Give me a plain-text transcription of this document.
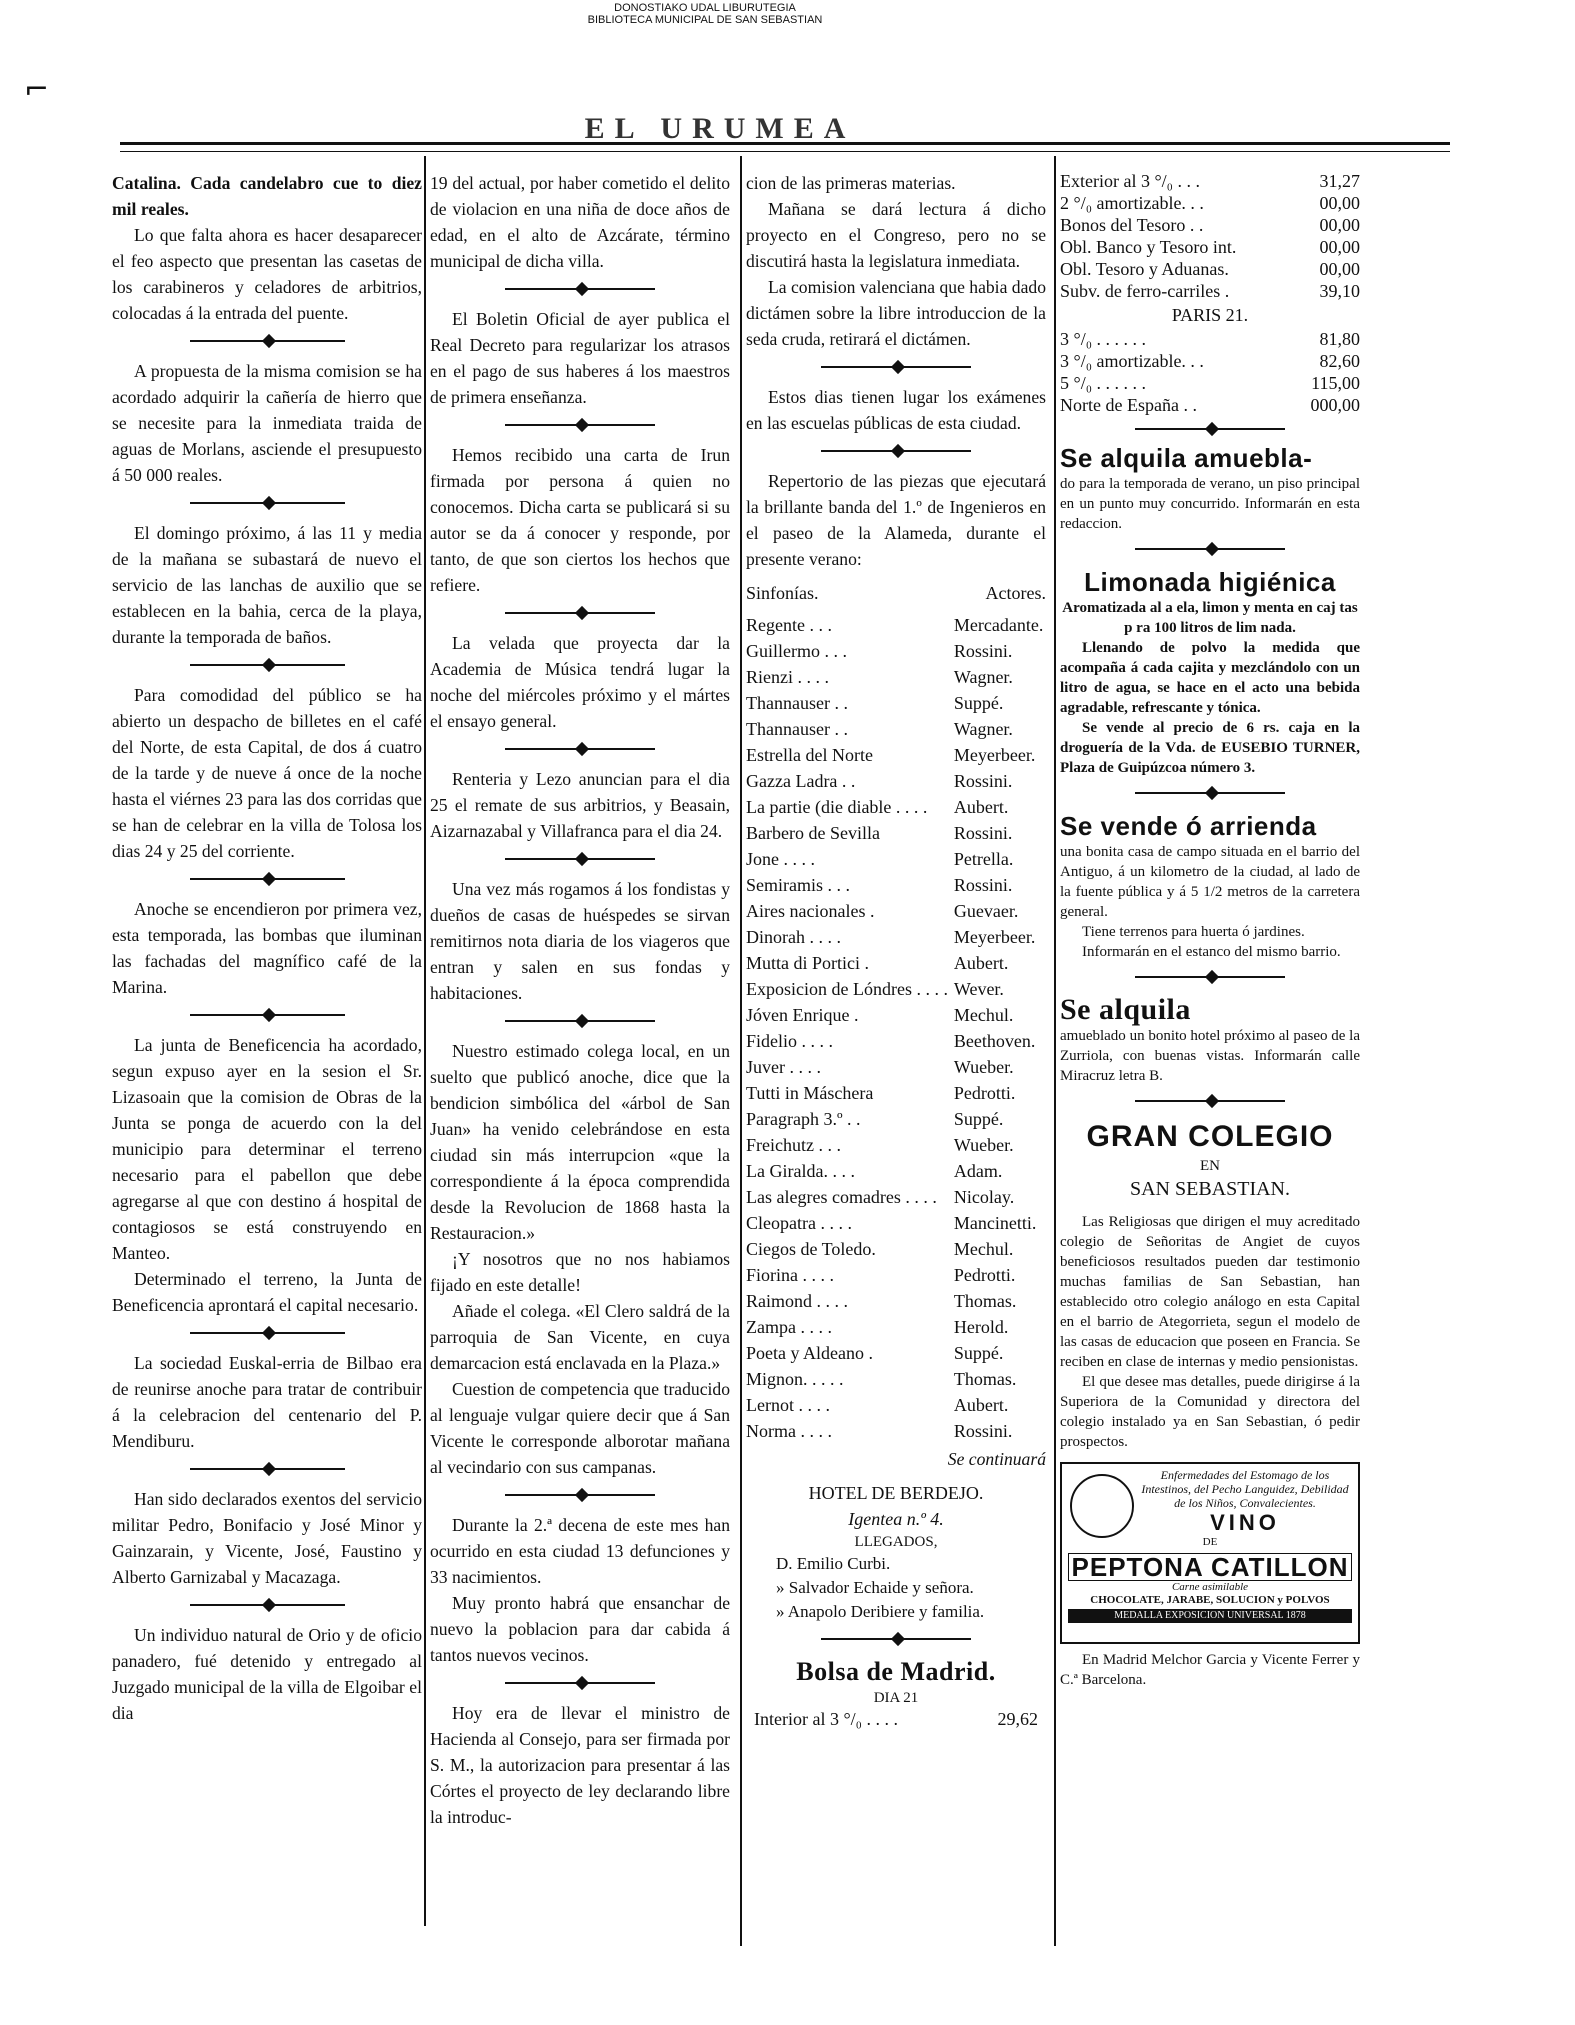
⌐
DONOSTIAKO UDAL LIBURUTEGIA
BIBLIOTECA MUNICIPAL DE SAN SEBASTIAN
EL URUMEA

Catalina. Cada candelabro cue to diez mil reales.

Lo que falta ahora es hacer desaparecer el feo aspecto que presentan las casetas de los carabineros y celadores de arbitrios, colocadas á la entrada del puente.

A propuesta de la misma comision se ha acordado adquirir la cañería de hierro que se necesite para la inmediata traida de aguas de Morlans, asciende el presupuesto á 50 000 reales.

El domingo próximo, á las 11 y media de la mañana se subastará de nuevo el servicio de las lanchas de auxilio que se establecen en la bahia, cerca de la playa, durante la temporada de baños.

Para comodidad del público se ha abierto un despacho de billetes en el café del Norte, de esta Capital, de dos á cuatro de la tarde y de nueve á once de la noche hasta el viérnes 23 para las dos corridas que se han de celebrar en la villa de Tolosa los dias 24 y 25 del corriente.

Anoche se encendieron por primera vez, esta temporada, las bombas que iluminan las fachadas del magnífico café de la Marina.

La junta de Beneficencia ha acordado, segun expuso ayer en la sesion el Sr. Lizasoain que la comision de Obras de la Junta se ponga de acuerdo con la del municipio para determinar el terreno necesario para el pabellon que debe agregarse al que con destino á hospital de contagiosos se está construyendo en Manteo.

Determinado el terreno, la Junta de Beneficencia aprontará el capital necesario.

La sociedad Euskal-erria de Bilbao era de reunirse anoche para tratar de contribuir á la celebracion del centenario del P. Mendiburu.

Han sido declarados exentos del servicio militar Pedro, Bonifacio y José Minor y Gainzarain, y Vicente, José, Faustino y Alberto Garnizabal y Macazaga.

Un individuo natural de Orio y de oficio panadero, fué detenido y entregado al Juzgado municipal de la villa de Elgoibar el dia

19 del actual, por haber cometido el delito de violacion en una niña de doce años de edad, en el alto de Azcárate, término municipal de dicha villa.

El Boletin Oficial de ayer publica el Real Decreto para regularizar los atrasos en el pago de sus haberes á los maestros de primera enseñanza.

Hemos recibido una carta de Irun firmada por persona á quien no conocemos. Dicha carta se publicará si su autor se da á conocer y responde, por tanto, de que son ciertos los hechos que refiere.

La velada que proyecta dar la Academia de Música tendrá lugar la noche del miércoles próximo y el mártes el ensayo general.

Renteria y Lezo anuncian para el dia 25 el remate de sus arbitrios, y Beasain, Aizarnazabal y Villafranca para el dia 24.

Una vez más rogamos á los fondistas y dueños de casas de huéspedes se sirvan remitirnos nota diaria de los viageros que entran y salen en sus fondas y habitaciones.

Nuestro estimado colega local, en un suelto que publicó anoche, dice que la bendicion simbólica del «árbol de San Juan» ha venido celebrándose en esta ciudad sin más interrupcion «que la correspondiente á la época comprendida desde la Revolucion de 1868 hasta la Restauracion.»

¡Y nosotros que no nos habiamos fijado en este detalle!

Añade el colega. «El Clero saldrá de la parroquia de San Vicente, en cuya demarcacion está enclavada en la Plaza.»

Cuestion de competencia que traducido al lenguaje vulgar quiere decir que á San Vicente le corresponde alborotar mañana al vecindario con sus campanas.

Durante la 2.ª decena de este mes han ocurrido en esta ciudad 13 defunciones y 33 nacimientos.

Muy pronto habrá que ensanchar de nuevo la poblacion para dar cabida á tantos nuevos vecinos.

Hoy era de llevar el ministro de Hacienda al Consejo, para ser firmada por S. M., la autorizacion para presentar á las Córtes el proyecto de ley declarando libre la introduc-

cion de las primeras materias.

Mañana se dará lectura á dicho proyecto en el Congreso, pero no se discutirá hasta la legislatura inmediata.

La comision valenciana que habia dado dictámen sobre la libre introduccion de la seda cruda, retirará el dictámen.

Estos dias tienen lugar los exámenes en las escuelas públicas de esta ciudad.

Repertorio de las piezas que ejecutará la brillante banda del 1.º de Ingenieros en el paseo de la Alameda, durante el presente verano:

Sinfonías.	Actores.
Regente . . .	Mercadante.
Guillermo . . .	Rossini.
Rienzi . . . .	Wagner.
Thannauser . .	Suppé.
Thannauser . .	Wagner.
Estrella del Norte	Meyerbeer.
Gazza Ladra . .	Rossini.
La partie (die diable . . . .	Aubert.
Barbero de Sevilla	Rossini.
Jone . . . .	Petrella.
Semiramis . . .	Rossini.
Aires nacionales .	Guevaer.
Dinorah . . . .	Meyerbeer.
Mutta di Portici .	Aubert.
Exposicion de Lóndres . . . .	Wever.
Jóven Enrique .	Mechul.
Fidelio . . . .	Beethoven.
Juver . . . .	Wueber.
Tutti in Máschera	Pedrotti.
Paragraph 3.º . .	Suppé.
Freichutz . . .	Wueber.
La Giralda. . . .	Adam.
Las alegres comadres . . . .	Nicolay.
Cleopatra . . . .	Mancinetti.
Ciegos de Toledo.	Mechul.
Fiorina . . . .	Pedrotti.
Raimond . . . .	Thomas.
Zampa . . . .	Herold.
Poeta y Aldeano .	Suppé.
Mignon. . . . .	Thomas.
Lernot . . . .	Aubert.
Norma . . . .	Rossini.
Se continuará
HOTEL DE BERDEJO.
Igentea n.º 4.
LLEGADOS,
D. Emilio Curbi.
» Salvador Echaide y señora.
» Anapolo Deribiere y familia.
Bolsa de Madrid.
DIA 21
Interior al 3 °/₀ . . . .	29,62
Exterior al 3 °/₀ . . .	31,27
2 °/₀ amortizable. . .	00,00
Bonos del Tesoro . .	00,00
Obl. Banco y Tesoro int.	00,00
Obl. Tesoro y Aduanas.	00,00
Subv. de ferro-carriles .	39,10
PARIS 21.
3 °/₀ . . . . . .	81,80
3 °/₀ amortizable. . .	82,60
5 °/₀ . . . . . .	115,00
Norte de España . .	000,00
Se alquila amuebla-

do para la temporada de verano, un piso principal en un punto muy concurrido. Informarán en esta redaccion.

Limonada higiénica

Aromatizada al a ela, limon y menta en caj tas p ra 100 litros de lim nada.

Llenando de polvo la medida que acompaña á cada cajita y mezclándolo con un litro de agua, se hace en el acto una bebida agradable, refrescante y tónica.

Se vende al precio de 6 rs. caja en la droguería de la Vda. de EUSEBIO TURNER, Plaza de Guipúzcoa número 3.

Se vende ó arrienda

una bonita casa de campo situada en el barrio del Antiguo, á un kilometro de la ciudad, al lado de la fuente pública y á 5 1/2 metros de la carretera general.

Tiene terrenos para huerta ó jardines.

Informarán en el estanco del mismo barrio.

Se alquila

amueblado un bonito hotel próximo al paseo de la Zurriola, con buenas vistas. Informarán calle Miracruz letra B.

GRAN COLEGIO
EN
SAN SEBASTIAN.

Las Religiosas que dirigen el muy acreditado colegio de Señoritas de Angiet de cuyos beneficiosos resultados pueden dar testimonio muchas familias de San Sebastian, han establecido otro colegio análogo en esta Capital en el barrio de Ategorrieta, segun el modelo de las casas de educacion que poseen en Francia. Se reciben en clase de internas y medio pensionistas.

El que desee mas detalles, puede dirigirse á la Superiora de la Comunidad y directora del colegio instalado ya en San Sebastian, ó pedir prospectos.

Enfermedades del Estomago de los Intestinos, del Pecho Languidez, Debilidad de los Niños, Convalecientes.
VINO
DE
PEPTONA CATILLON
Carne asimilable
CHOCOLATE, JARABE, SOLUCION y POLVOS
MEDALLA EXPOSICION UNIVERSAL 1878

En Madrid Melchor Garcia y Vicente Ferrer y C.ª Barcelona.
